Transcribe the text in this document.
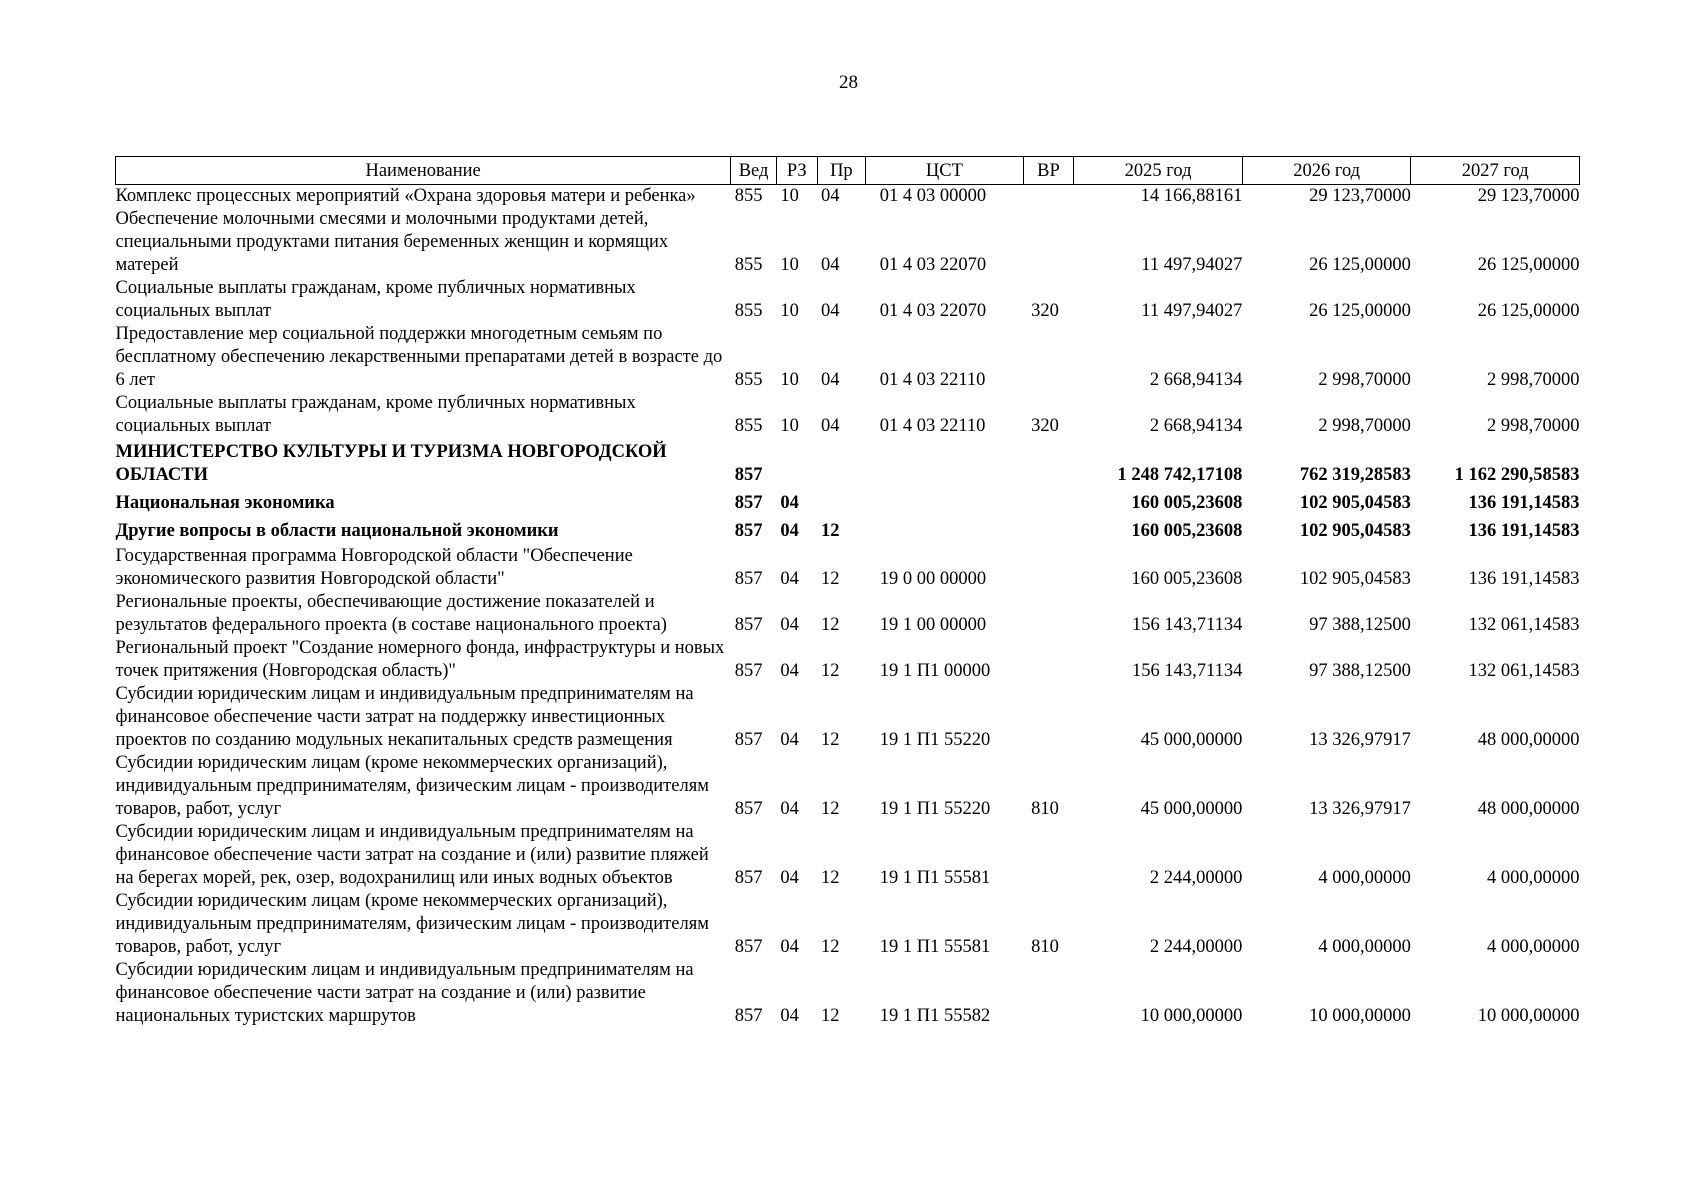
28
Наименование	Вед	РЗ	Пр	ЦСТ	ВР	2025 год	2026 год	2027 год
Комплекс процессных мероприятий «Охрана здоровья матери и ребенка»	855	10	04	01 4 03 00000		14 166,88161	29 123,70000	29 123,70000
Обеспечение молочными смесями и молочными продуктами детей, специальными продуктами питания беременных женщин и кормящих матерей	855	10	04	01 4 03 22070		11 497,94027	26 125,00000	26 125,00000
Социальные выплаты гражданам, кроме публичных нормативных социальных выплат	855	10	04	01 4 03 22070	320	11 497,94027	26 125,00000	26 125,00000
Предоставление мер социальной поддержки многодетным семьям по бесплатному обеспечению лекарственными препаратами детей в возрасте до 6 лет	855	10	04	01 4 03 22110		2 668,94134	2 998,70000	2 998,70000
Социальные выплаты гражданам, кроме публичных нормативных социальных выплат	855	10	04	01 4 03 22110	320	2 668,94134	2 998,70000	2 998,70000
МИНИСТЕРСТВО КУЛЬТУРЫ И ТУРИЗМА НОВГОРОДСКОЙ ОБЛАСТИ	857					1 248 742,17108	762 319,28583	1 162 290,58583
Национальная экономика	857	04				160 005,23608	102 905,04583	136 191,14583
Другие вопросы в области национальной экономики	857	04	12			160 005,23608	102 905,04583	136 191,14583
Государственная программа Новгородской области "Обеспечение экономического развития Новгородской области"	857	04	12	19 0 00 00000		160 005,23608	102 905,04583	136 191,14583
Региональные проекты, обеспечивающие достижение показателей и результатов федерального проекта (в составе национального проекта)	857	04	12	19 1 00 00000		156 143,71134	97 388,12500	132 061,14583
Региональный проект "Создание номерного фонда, инфраструктуры и новых точек притяжения (Новгородская область)"	857	04	12	19 1 П1 00000		156 143,71134	97 388,12500	132 061,14583
Субсидии юридическим лицам и индивидуальным предпринимателям на финансовое обеспечение части затрат на поддержку инвестиционных проектов по созданию модульных некапитальных средств размещения	857	04	12	19 1 П1 55220		45 000,00000	13 326,97917	48 000,00000
Субсидии юридическим лицам (кроме некоммерческих организаций), индивидуальным предпринимателям, физическим лицам - производителям товаров, работ, услуг	857	04	12	19 1 П1 55220	810	45 000,00000	13 326,97917	48 000,00000
Субсидии юридическим лицам и индивидуальным предпринимателям на финансовое обеспечение части затрат на создание и (или) развитие пляжей на берегах морей, рек, озер, водохранилищ или иных водных объектов	857	04	12	19 1 П1 55581		2 244,00000	4 000,00000	4 000,00000
Субсидии юридическим лицам (кроме некоммерческих организаций), индивидуальным предпринимателям, физическим лицам - производителям товаров, работ, услуг	857	04	12	19 1 П1 55581	810	2 244,00000	4 000,00000	4 000,00000
Субсидии юридическим лицам и индивидуальным предпринимателям на финансовое обеспечение части затрат на создание и (или) развитие национальных туристских маршрутов	857	04	12	19 1 П1 55582		10 000,00000	10 000,00000	10 000,00000
